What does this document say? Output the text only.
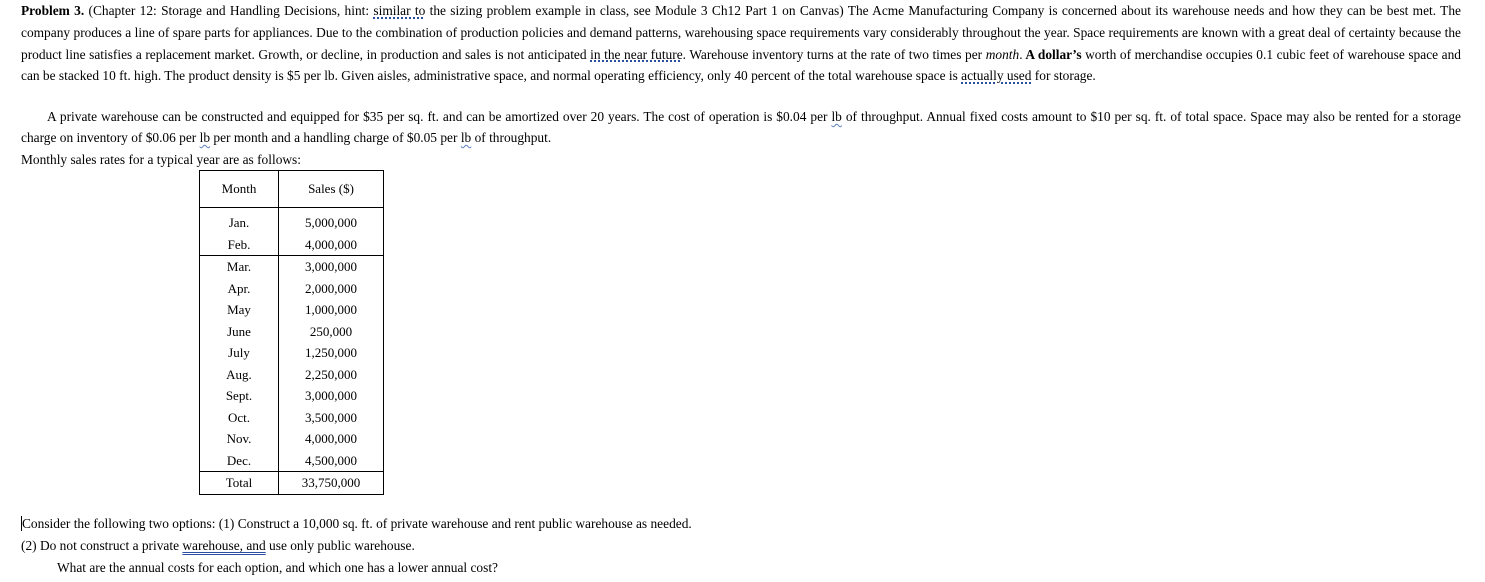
Problem 3. (Chapter 12: Storage and Handling Decisions, hint: similar to the sizing problem example in class, see Module 3 Ch12 Part 1 on Canvas) The Acme Manufacturing Company is concerned about its warehouse needs and how they can be best met. The company produces a line of spare parts for appliances. Due to the combination of production policies and demand patterns, warehousing space requirements vary considerably throughout the year. Space requirements are known with a great deal of certainty because the product line satisfies a replacement market. Growth, or decline, in production and sales is not anticipated in the near future. Warehouse inventory turns at the rate of two times per month. A dollar’s worth of merchandise occupies 0.1 cubic feet of warehouse space and can be stacked 10 ft. high. The product density is $5 per lb. Given aisles, administrative space, and normal operating efficiency, only 40 percent of the total warehouse space is actually used for storage.
A private warehouse can be constructed and equipped for $35 per sq. ft. and can be amortized over 20 years. The cost of operation is $0.04 per lb of throughput. Annual fixed costs amount to $10 per sq. ft. of total space. Space may also be rented for a storage charge on inventory of $0.06 per lb per month and a handling charge of $0.05 per lb of throughput.
Monthly sales rates for a typical year are as follows:
Month	Sales ($)

Jan.	5,000,000
Feb.	4,000,000
Mar.	3,000,000
Apr.	2,000,000
May	1,000,000
June	250,000
July	1,250,000
Aug.	2,250,000
Sept.	3,000,000
Oct.	3,500,000
Nov.	4,000,000
Dec.	4,500,000
Total	33,750,000
Consider the following two options: (1) Construct a 10,000 sq. ft. of private warehouse and rent public warehouse as needed.
(2) Do not construct a private warehouse, and use only public warehouse.
What are the annual costs for each option, and which one has a lower annual cost?
